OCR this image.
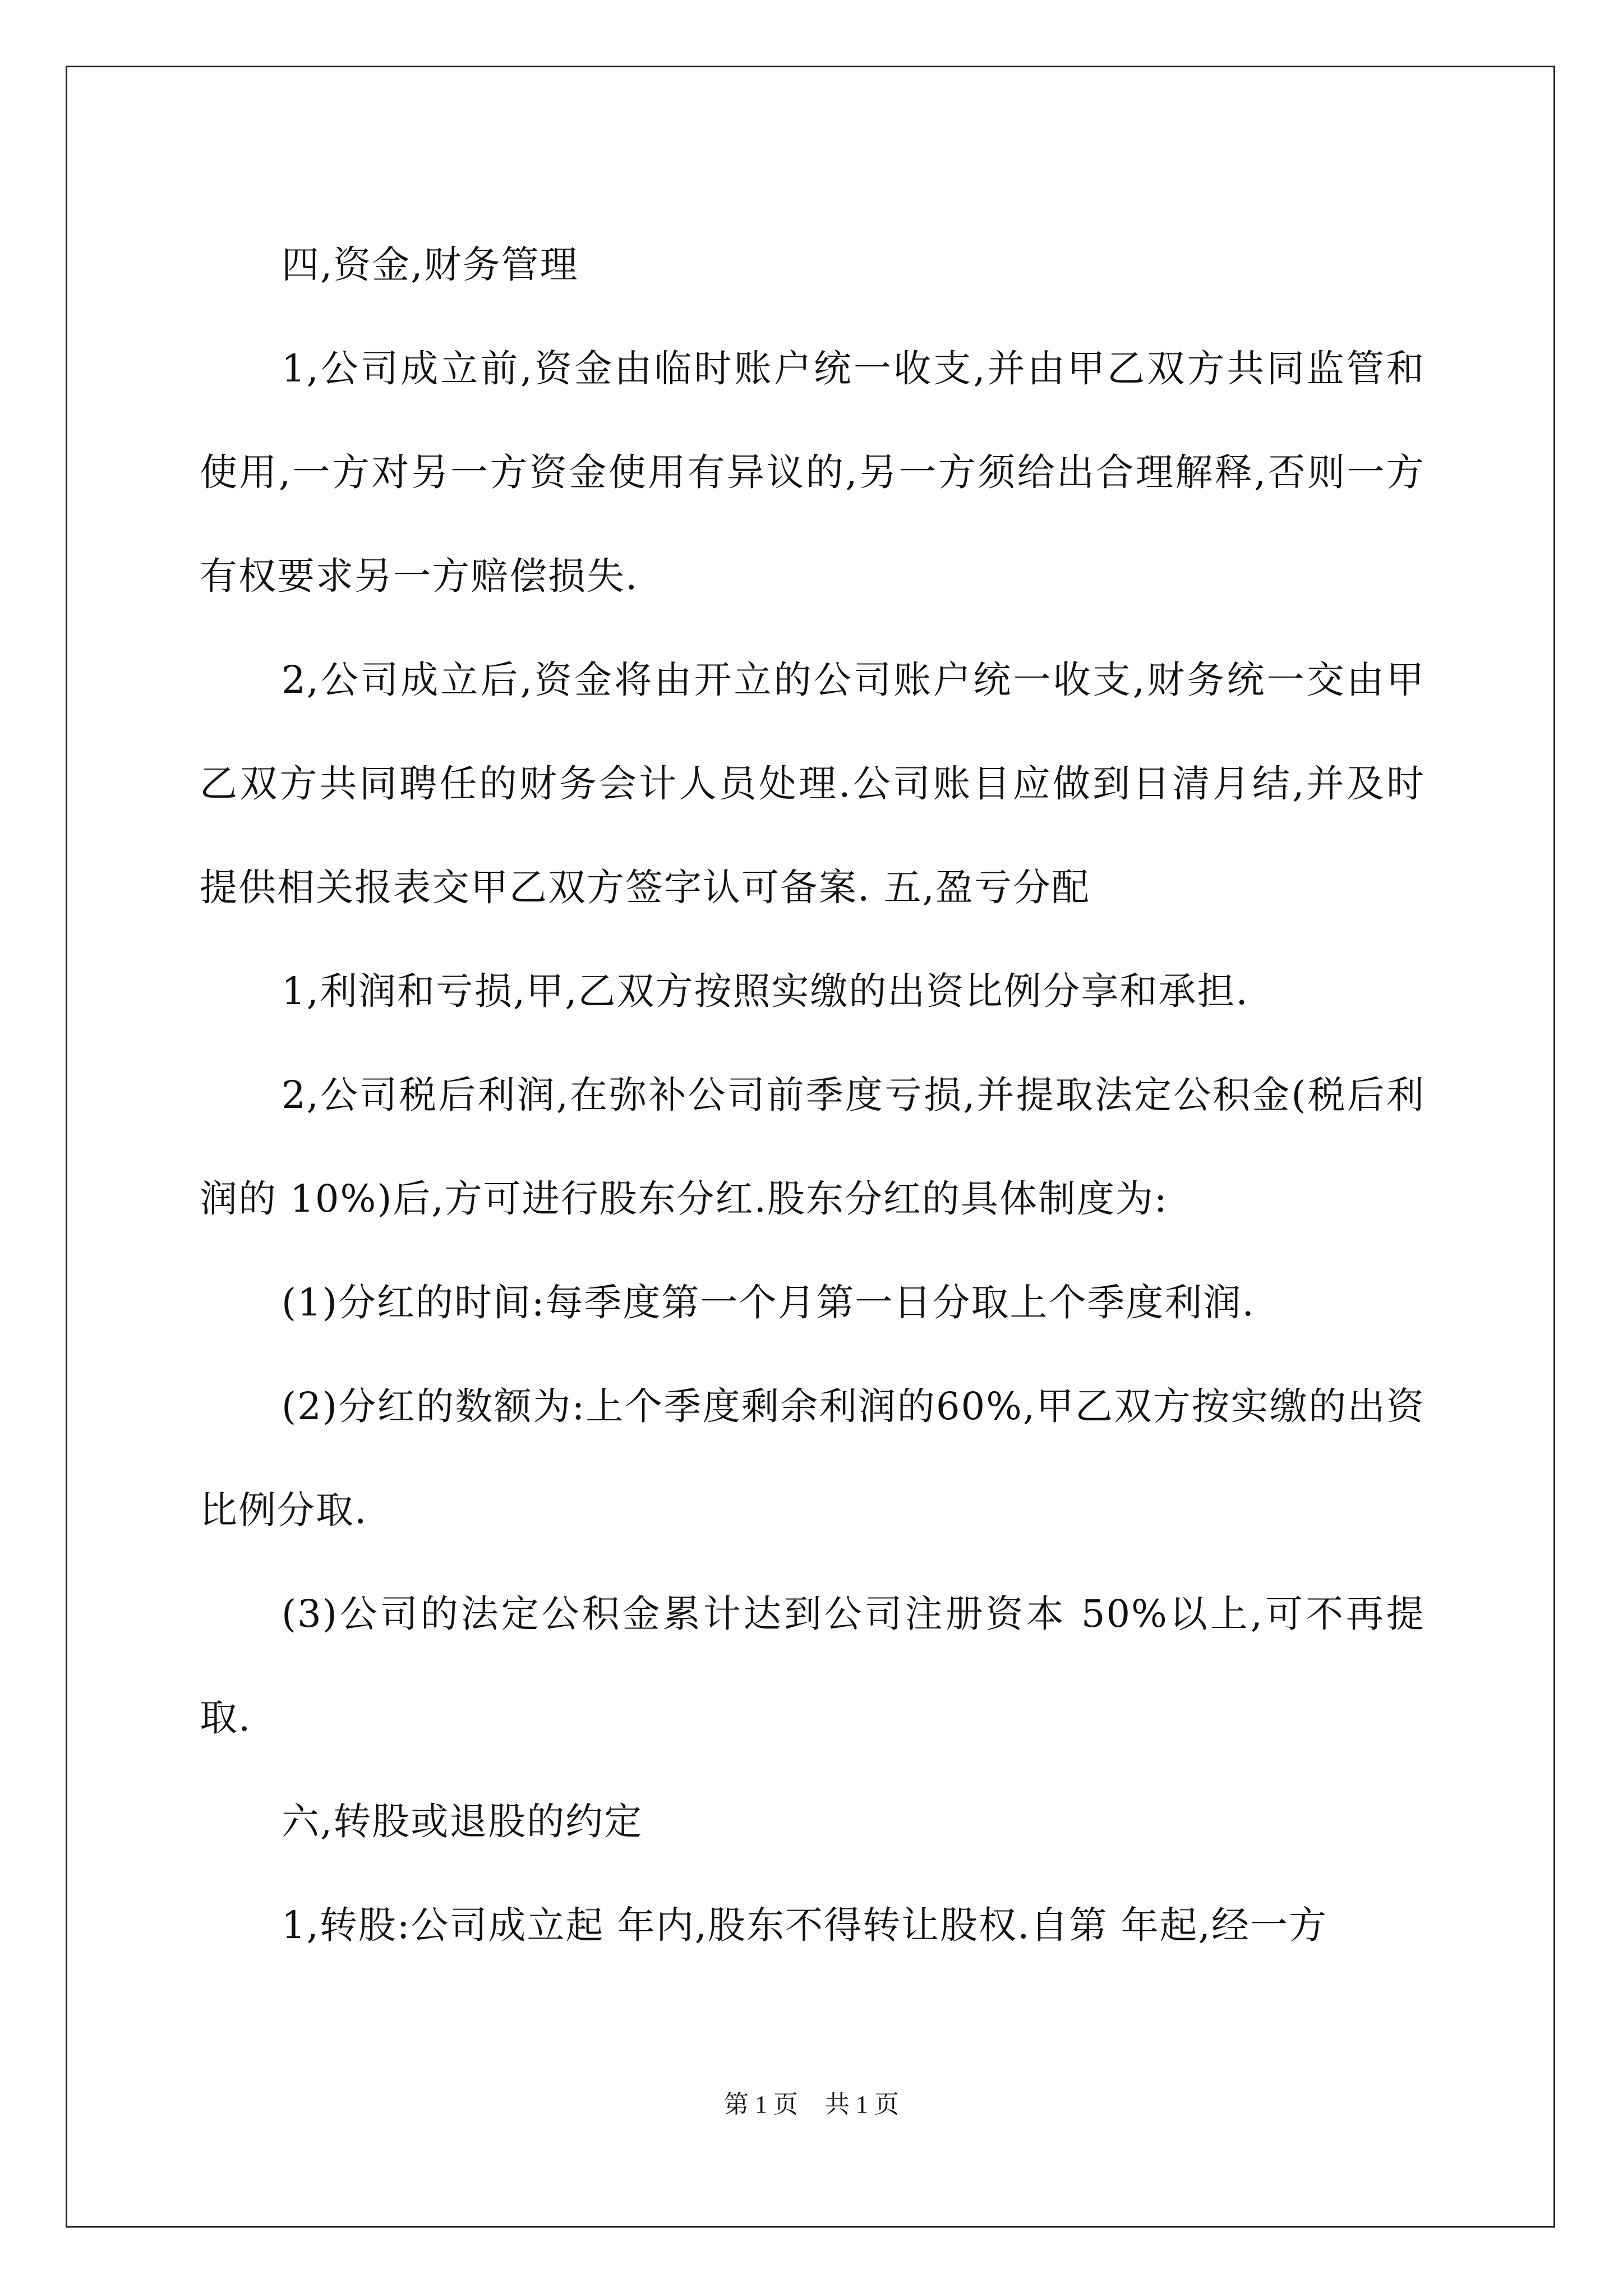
四,资金,财务管理

1,公司成立前,资金由临时账户统一收支,并由甲乙双方共同监管和使用,一方对另一方资金使用有异议的,另一方须给出合理解释,否则一方有权要求另一方赔偿损失.

2,公司成立后,资金将由开立的公司账户统一收支,财务统一交由甲乙双方共同聘任的财务会计人员处理.公司账目应做到日清月结,并及时提供相关报表交甲乙双方签字认可备案. 五,盈亏分配

1,利润和亏损,甲,乙双方按照实缴的出资比例分享和承担.

2,公司税后利润,在弥补公司前季度亏损,并提取法定公积金(税后利润的 10%)后,方可进行股东分红.股东分红的具体制度为:

(1)分红的时间:每季度第一个月第一日分取上个季度利润.

(2)分红的数额为:上个季度剩余利润的60%,甲乙双方按实缴的出资比例分取.

(3)公司的法定公积金累计达到公司注册资本 50%以上,可不再提取.

六,转股或退股的约定

1,转股:公司成立起 年内,股东不得转让股权.自第 年起,经一方

第 1 页 共 1 页
